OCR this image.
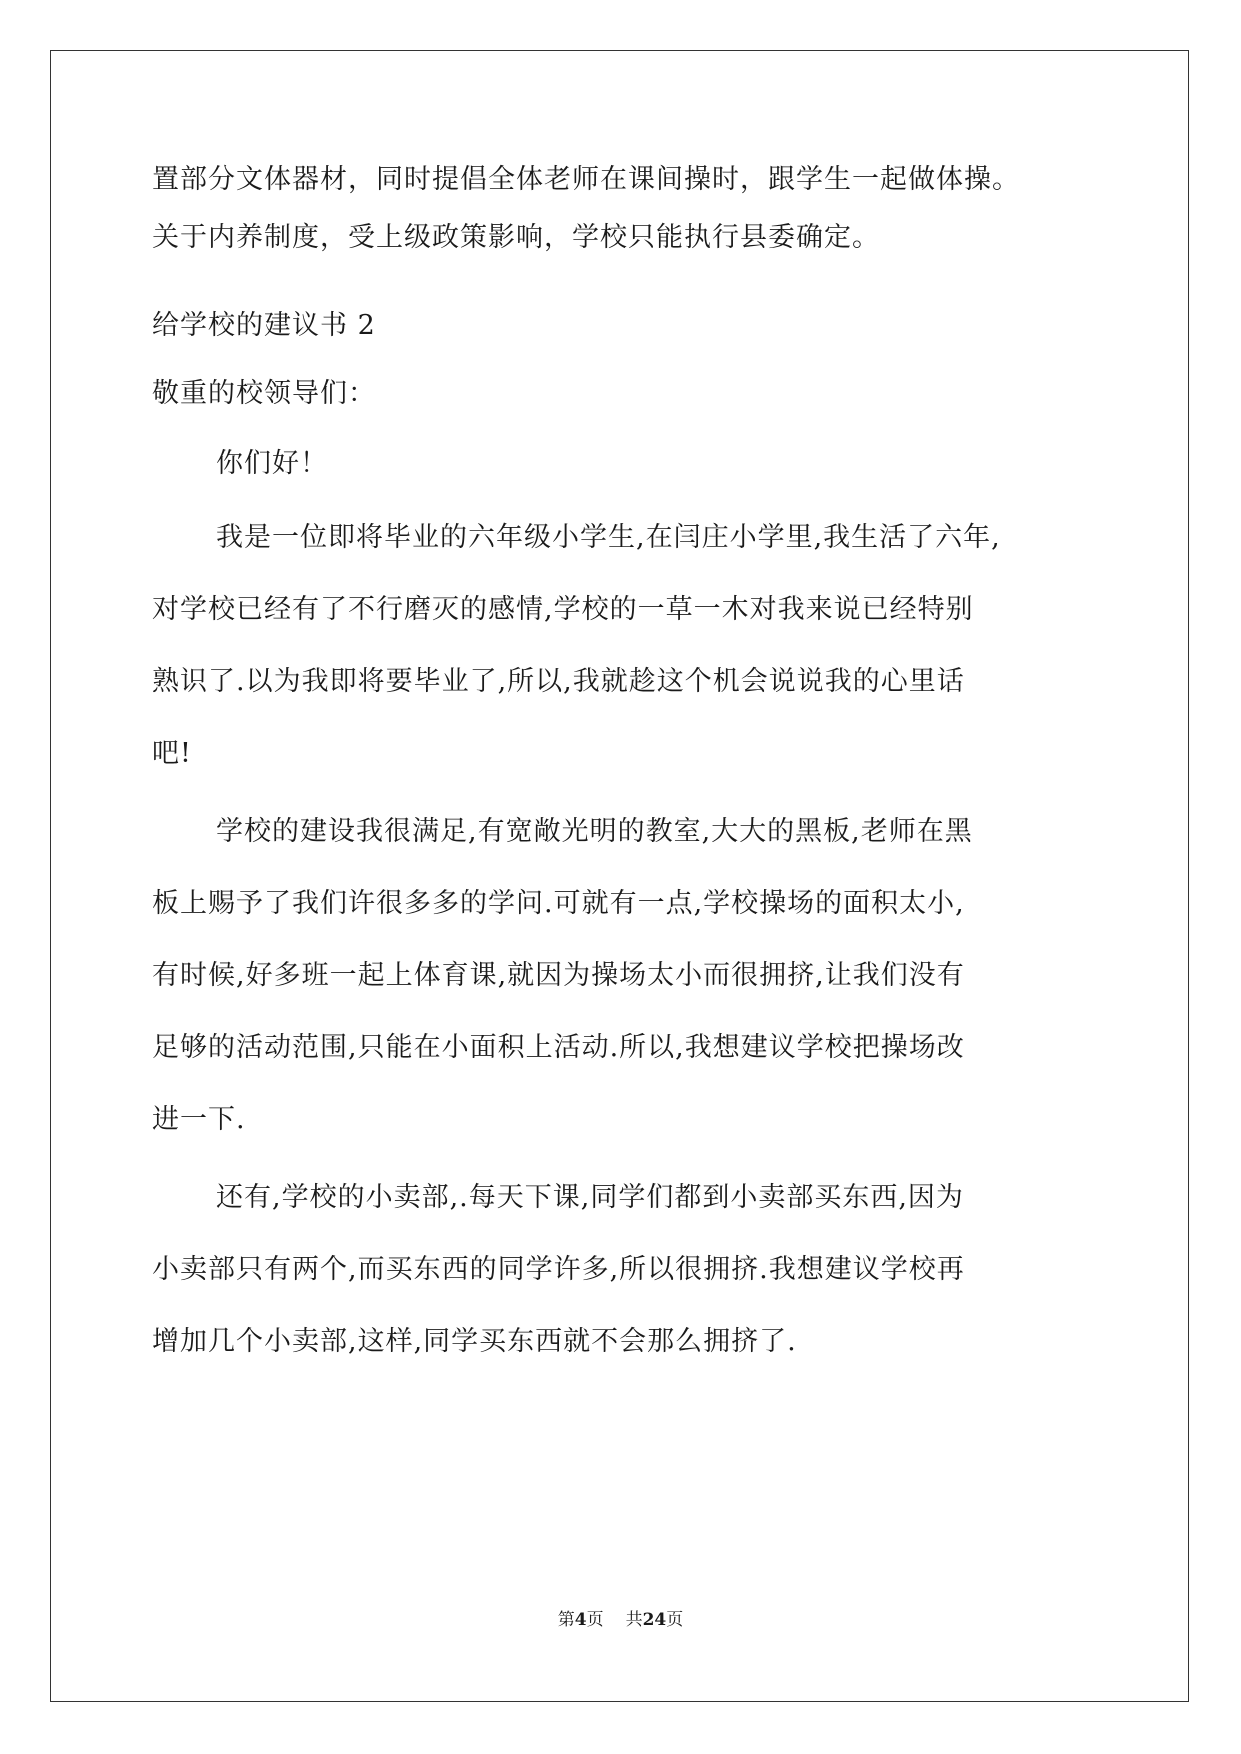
置部分文体器材，同时提倡全体老师在课间操时，跟学生一起做体操。
关于内养制度，受上级政策影响，学校只能执行县委确定。
给学校的建议书 2
敬重的校领导们：
你们好！
我是一位即将毕业的六年级小学生,在闫庄小学里,我生活了六年,
对学校已经有了不行磨灭的感情,学校的一草一木对我来说已经特别
熟识了.以为我即将要毕业了,所以,我就趁这个机会说说我的心里话
吧!
学校的建设我很满足,有宽敞光明的教室,大大的黑板,老师在黑
板上赐予了我们许很多多的学问.可就有一点,学校操场的面积太小,
有时候,好多班一起上体育课,就因为操场太小而很拥挤,让我们没有
足够的活动范围,只能在小面积上活动.所以,我想建议学校把操场改
进一下.
还有,学校的小卖部,.每天下课,同学们都到小卖部买东西,因为
小卖部只有两个,而买东西的同学许多,所以很拥挤.我想建议学校再
增加几个小卖部,这样,同学买东西就不会那么拥挤了.
第4页 共24页
